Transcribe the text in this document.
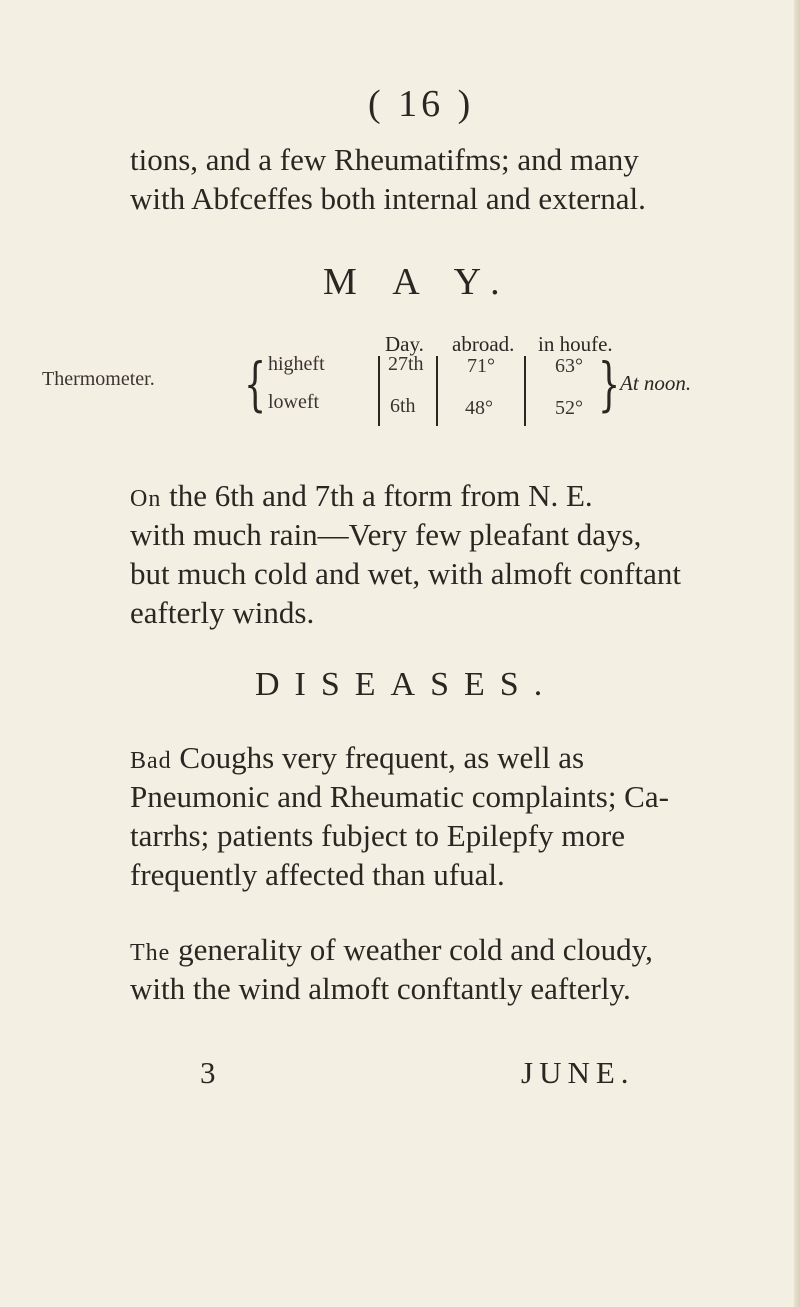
( 16 )
tions, and a few Rheumatifms; and many
with Abfceffes both internal and external.
M A Y.
Day. abroad. in houfe.
Thermometer. { higheft
loweft
27th
6th
71°
48°
63°
52° } At noon.
On the 6th and 7th a ftorm from N. E.
with much rain—Very few pleafant days,
but much cold and wet, with almoft conftant
eafterly winds.
DISEASES.
Bad Coughs very frequent, as well as
Pneumonic and Rheumatic complaints; Ca-
tarrhs; patients fubject to Epilepfy more
frequently affected than ufual.
The generality of weather cold and cloudy,
with the wind almoft conftantly eafterly.
3	JUNE.
